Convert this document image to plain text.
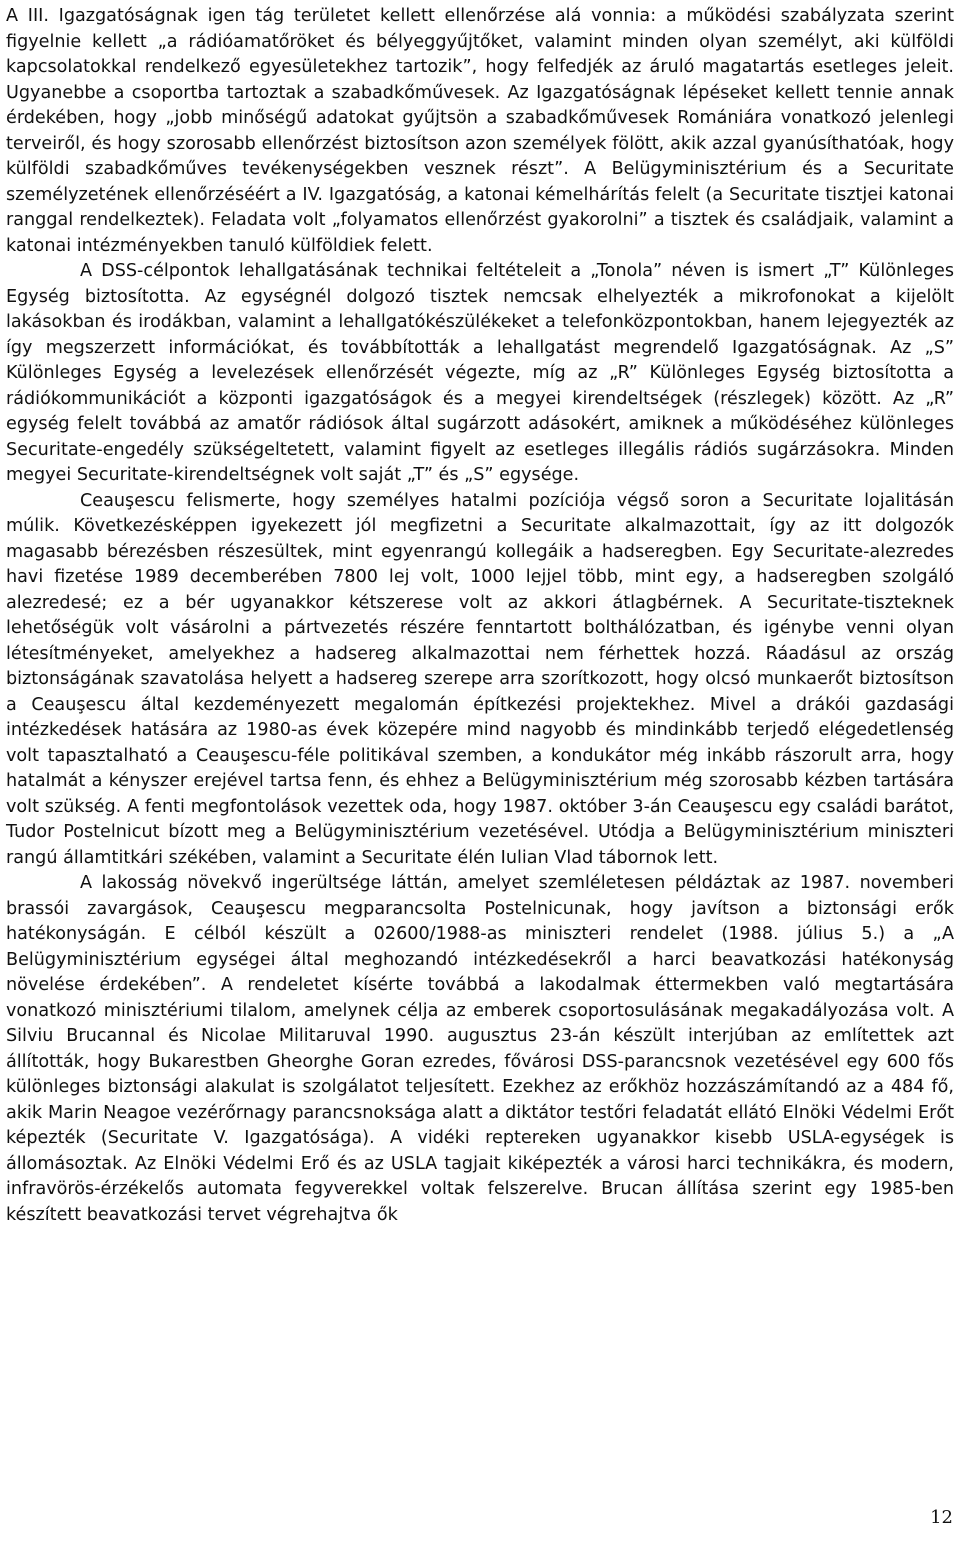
A III. Igazgatóságnak igen tág területet kellett ellenőrzése alá vonnia: a működési szabályzata szerint figyelnie kellett „a rádióamatőröket és bélyeggyűjtőket, valamint minden olyan személyt, aki külföldi kapcsolatokkal rendelkező egyesületekhez tartozik”, hogy felfedjék az áruló magatartás esetleges jeleit. Ugyanebbe a csoportba tartoztak a szabadkőművesek. Az Igazgatóságnak lépéseket kellett tennie annak érdekében, hogy „jobb minőségű adatokat gyűjtsön a szabadkőművesek Romániára vonatkozó jelenlegi terveiről, és hogy szorosabb ellenőrzést biztosítson azon személyek fölött, akik azzal gyanúsíthatóak, hogy külföldi szabadkőműves tevékenységekben vesznek részt”. A Belügyminisztérium és a Securitate személyzetének ellenőrzéséért a IV. Igazgatóság, a katonai kémelhárítás felelt (a Securitate tisztjei katonai ranggal rendelkeztek). Feladata volt „folyamatos ellenőrzést gyakorolni” a tisztek és családjaik, valamint a katonai intézményekben tanuló külföldiek felett.

A DSS-célpontok lehallgatásának technikai feltételeit a „Tonola” néven is ismert „T” Különleges Egység biztosította. Az egységnél dolgozó tisztek nemcsak elhelyezték a mikrofonokat a kijelölt lakásokban és irodákban, valamint a lehallgatókészülékeket a telefonközpontokban, hanem lejegyezték az így megszerzett információkat, és továbbították a lehallgatást megrendelő Igazgatóságnak. Az „S” Különleges Egység a levelezések ellenőrzését végezte, míg az „R” Különleges Egység biztosította a rádiókommunikációt a központi igazgatóságok és a megyei kirendeltségek (részlegek) között. Az „R” egység felelt továbbá az amatőr rádiósok által sugárzott adásokért, amiknek a működéséhez különleges Securitate-engedély szükségeltetett, valamint figyelt az esetleges illegális rádiós sugárzásokra. Minden megyei Securitate-kirendeltségnek volt saját „T” és „S” egysége.

Ceauşescu felismerte, hogy személyes hatalmi pozíciója végső soron a Securitate lojalitásán múlik. Következésképpen igyekezett jól megfizetni a Securitate alkalmazottait, így az itt dolgozók magasabb bérezésben részesültek, mint egyenrangú kollegáik a hadseregben. Egy Securitate-alezredes havi fizetése 1989 decemberében 7800 lej volt, 1000 lejjel több, mint egy, a hadseregben szolgáló alezredesé; ez a bér ugyanakkor kétszerese volt az akkori átlagbérnek. A Securitate-tiszteknek lehetőségük volt vásárolni a pártvezetés részére fenntartott bolthálózatban, és igénybe venni olyan létesítményeket, amelyekhez a hadsereg alkalmazottai nem férhettek hozzá. Ráadásul az ország biztonságának szavatolása helyett a hadsereg szerepe arra szorítkozott, hogy olcsó munkaerőt biztosítson a Ceauşescu által kezdeményezett megalomán építkezési projektekhez. Mivel a drákói gazdasági intézkedések hatására az 1980-as évek közepére mind nagyobb és mindinkább terjedő elégedetlenség volt tapasztalható a Ceauşescu-féle politikával szemben, a kondukátor még inkább rászorult arra, hogy hatalmát a kényszer erejével tartsa fenn, és ehhez a Belügyminisztérium még szorosabb kézben tartására volt szükség. A fenti megfontolások vezettek oda, hogy 1987. október 3-án Ceauşescu egy családi barátot, Tudor Postelnicut bízott meg a Belügyminisztérium vezetésével. Utódja a Belügyminisztérium miniszteri rangú államtitkári székében, valamint a Securitate élén Iulian Vlad tábornok lett.

A lakosság növekvő ingerültsége láttán, amelyet szemléletesen példáztak az 1987. novemberi brassói zavargások, Ceauşescu megparancsolta Postelnicunak, hogy javítson a biztonsági erők hatékonyságán. E célból készült a 02600/1988-as miniszteri rendelet (1988. július 5.) a „A Belügyminisztérium egységei által meghozandó intézkedésekről a harci beavatkozási hatékonyság növelése érdekében”. A rendeletet kísérte továbbá a lakodalmak éttermekben való megtartására vonatkozó minisztériumi tilalom, amelynek célja az emberek csoportosulásának megakadályozása volt. A Silviu Brucannal és Nicolae Militaruval 1990. augusztus 23-án készült interjúban az említettek azt állították, hogy Bukarestben Gheorghe Goran ezredes, fővárosi DSS-parancsnok vezetésével egy 600 fős különleges biztonsági alakulat is szolgálatot teljesített. Ezekhez az erőkhöz hozzászámítandó az a 484 fő, akik Marin Neagoe vezérőrnagy parancsnoksága alatt a diktátor testőri feladatát ellátó Elnöki Védelmi Erőt képezték (Securitate V. Igazgatósága). A vidéki reptereken ugyanakkor kisebb USLA-egységek is állomásoztak. Az Elnöki Védelmi Erő és az USLA tagjait kiképezték a városi harci technikákra, és modern, infravörös-érzékelős automata fegyverekkel voltak felszerelve. Brucan állítása szerint egy 1985-ben készített beavatkozási tervet végrehajtva ők

12
